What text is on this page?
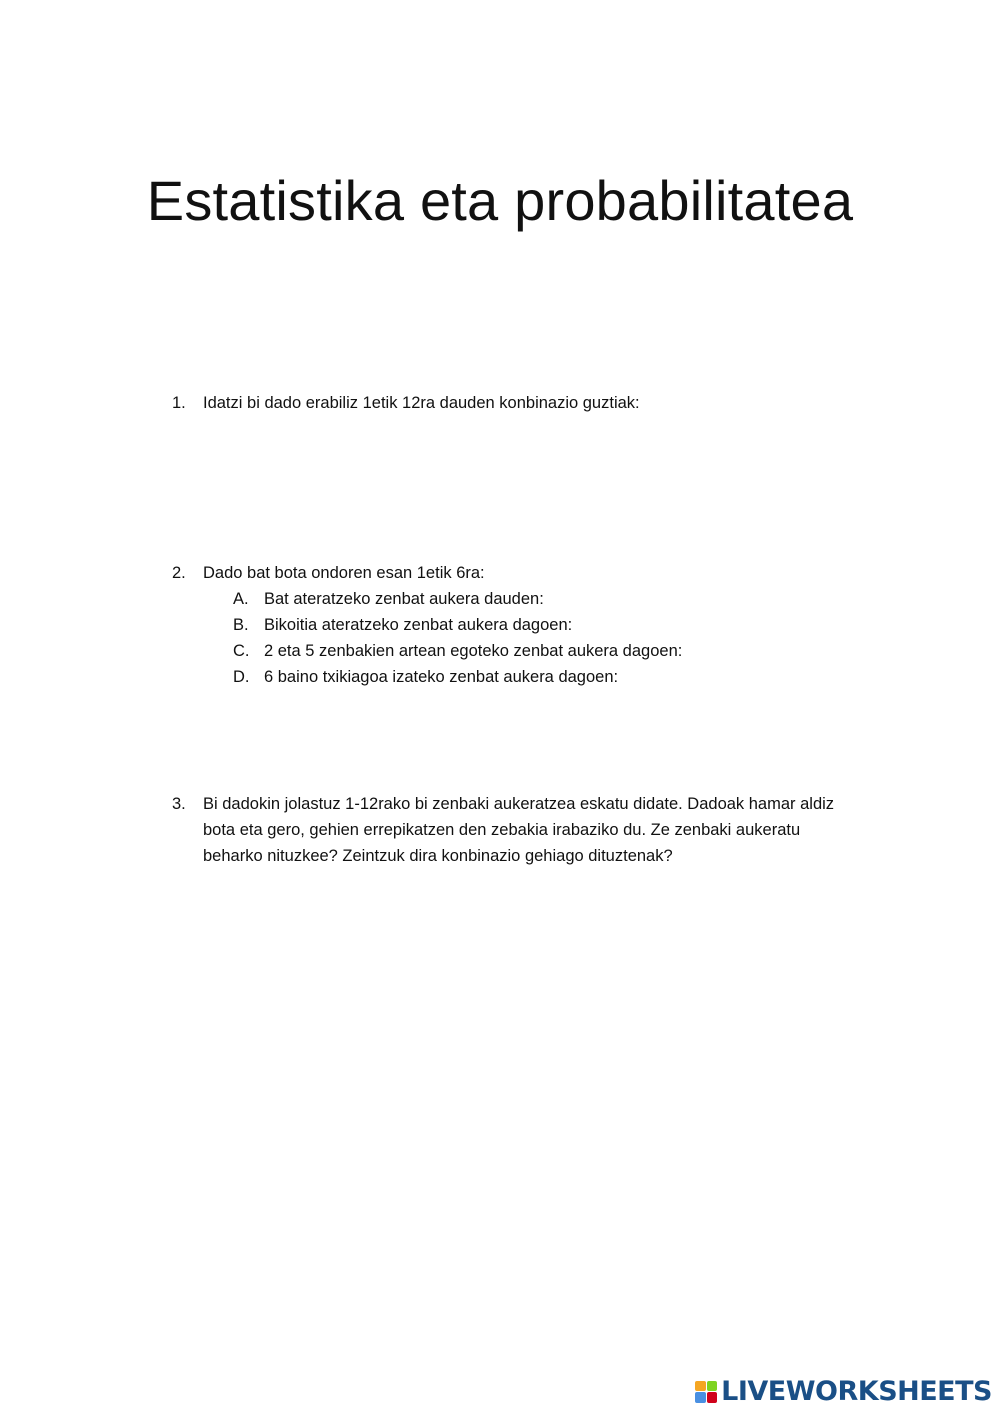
Estatistika eta probabilitatea
1. Idatzi bi dado erabiliz 1etik 12ra dauden konbinazio guztiak:
2. Dado bat bota ondoren esan 1etik 6ra:
A. Bat ateratzeko zenbat aukera dauden:
B. Bikoitia ateratzeko zenbat aukera dagoen:
C. 2 eta 5 zenbakien artean egoteko zenbat aukera dagoen:
D. 6 baino txikiagoa izateko zenbat aukera dagoen:
3. Bi dadokin jolastuz 1-12rako bi zenbaki aukeratzea eskatu didate. Dadoak hamar aldiz bota eta gero, gehien errepikatzen den zebakia irabaziko du. Ze zenbaki aukeratu beharko nituzkee? Zeintzuk dira konbinazio gehiago dituztenak?
LIVEWORKSHEETS
